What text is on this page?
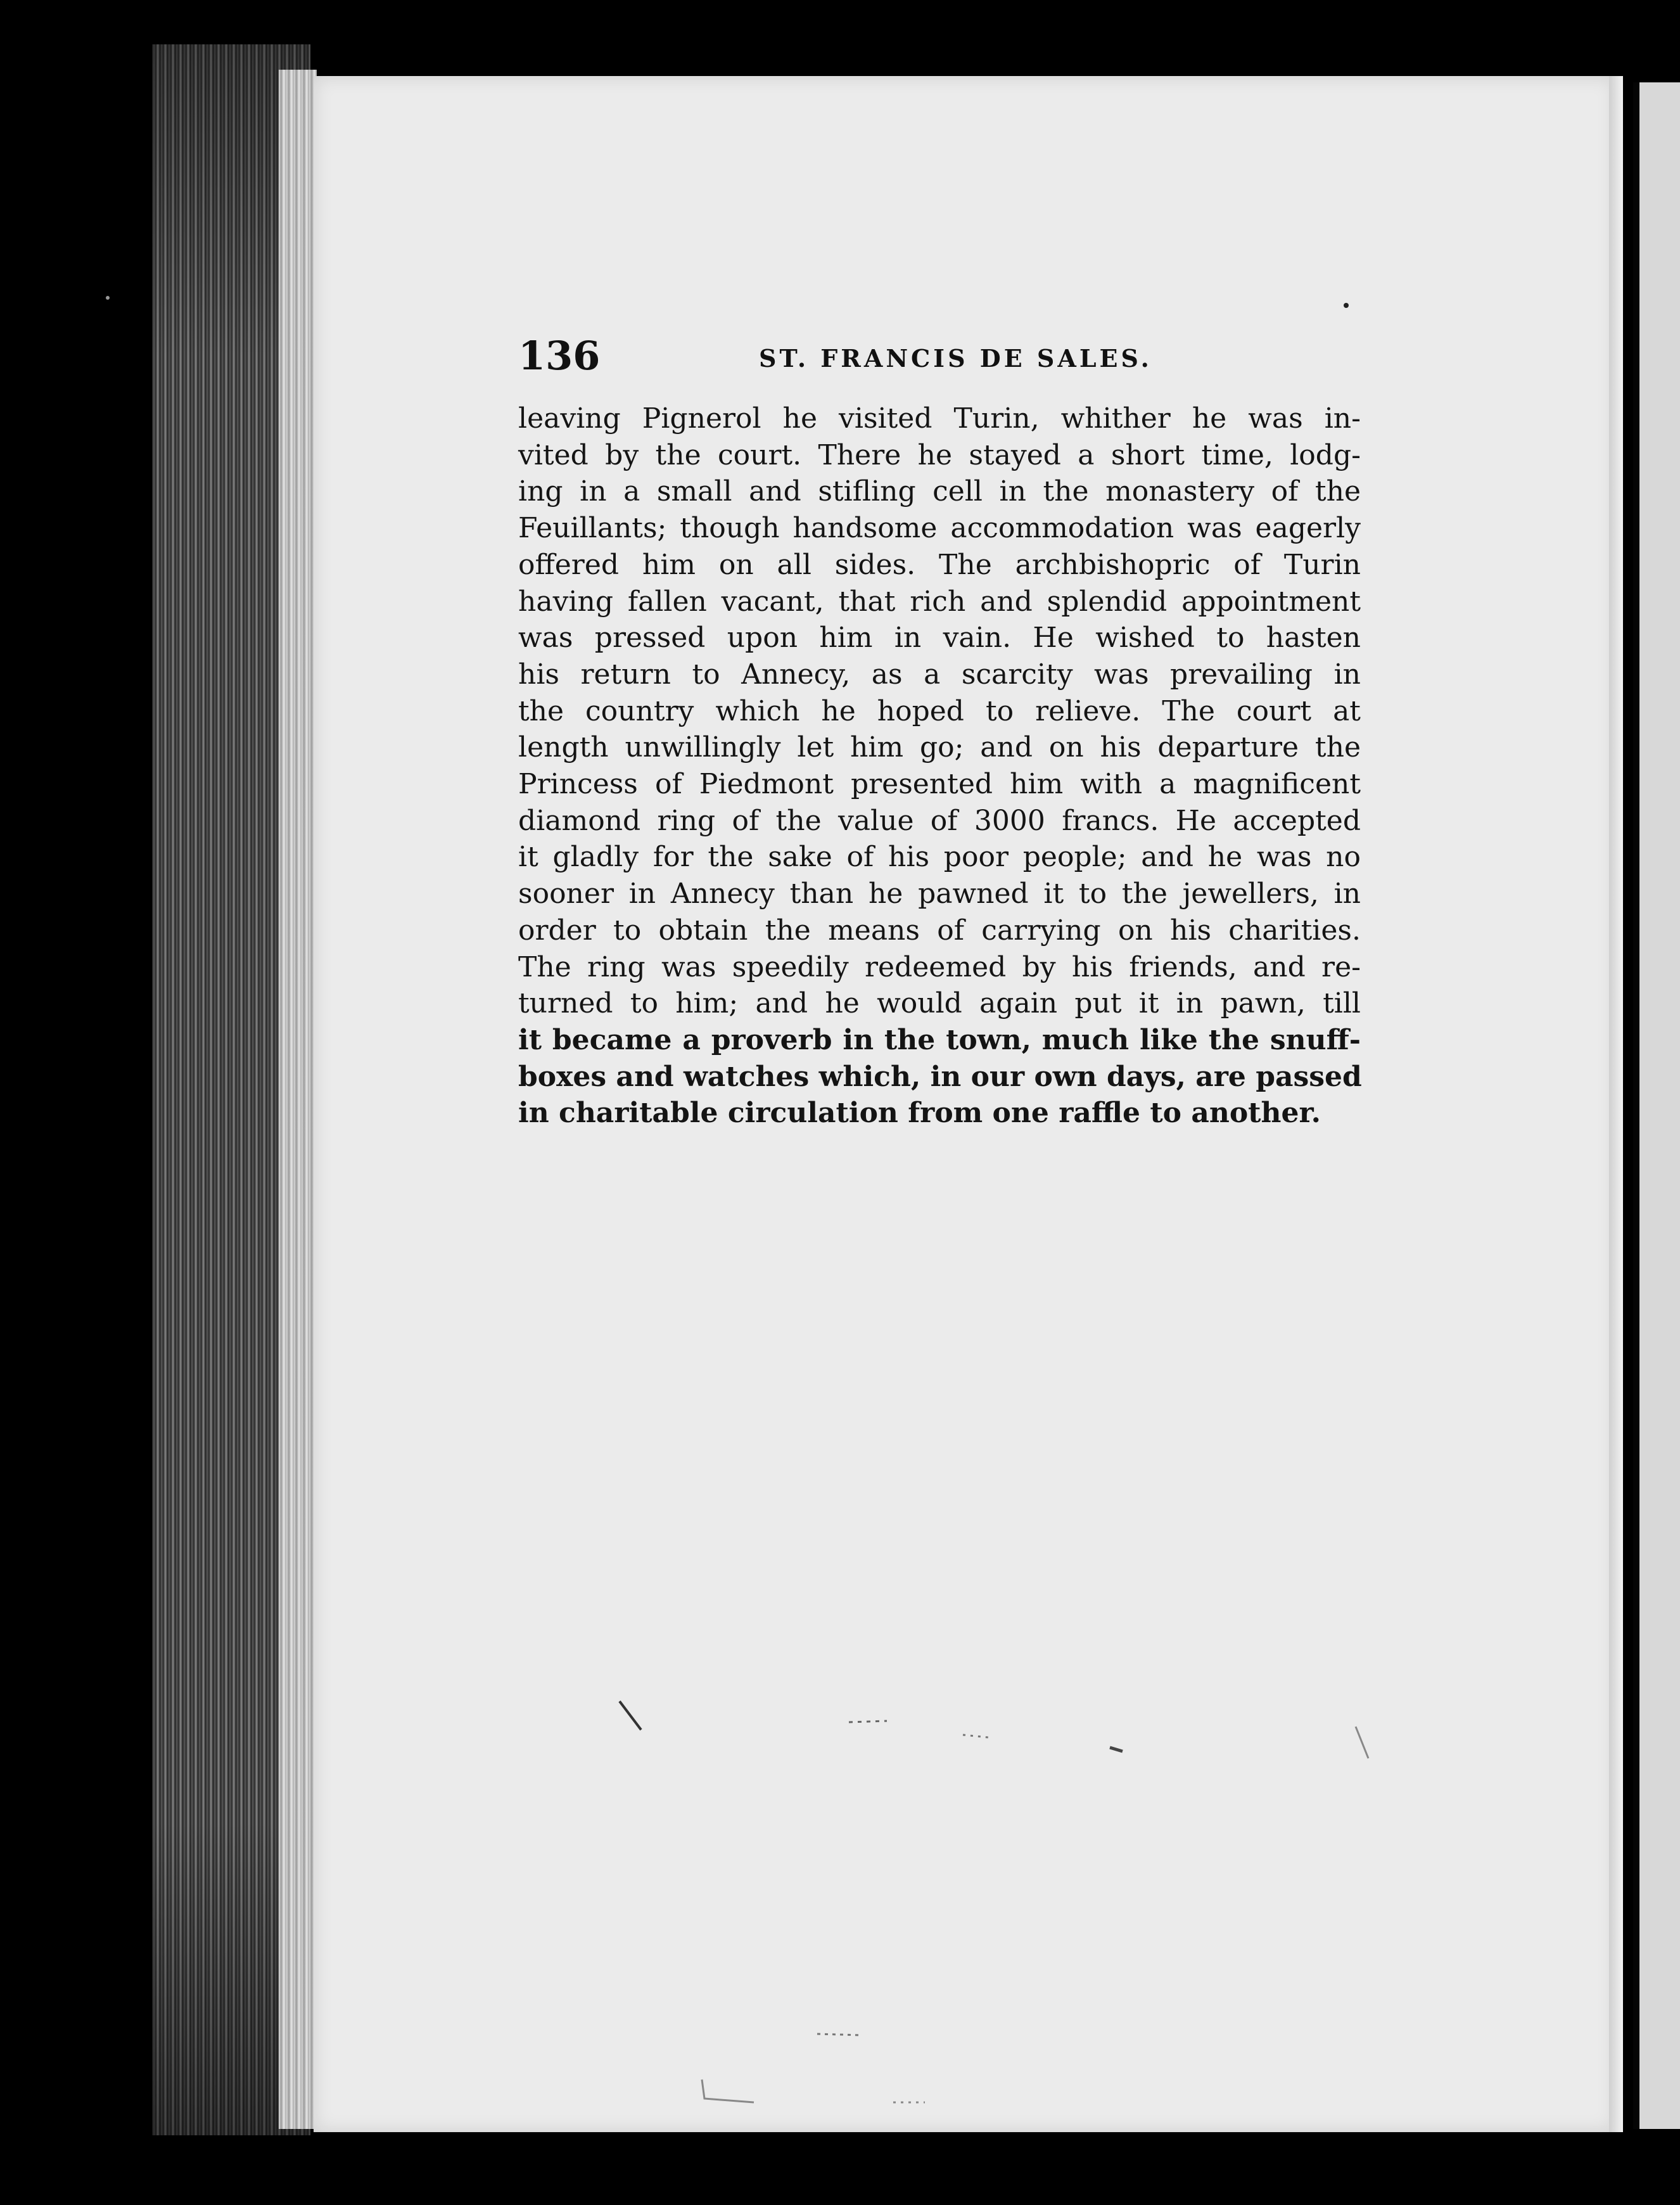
136	ST. FRANCIS DE SALES.

leaving Pignerol he visited Turin, whither he was in-
vited by the court. There he stayed a short time, lodg-
ing in a small and stifling cell in the monastery of the
Feuillants; though handsome accommodation was eagerly
offered him on all sides. The archbishopric of Turin
having fallen vacant, that rich and splendid appointment
was pressed upon him in vain. He wished to hasten
his return to Annecy, as a scarcity was prevailing in
the country which he hoped to relieve. The court at
length unwillingly let him go; and on his departure the
Princess of Piedmont presented him with a magnificent
diamond ring of the value of 3000 francs. He accepted
it gladly for the sake of his poor people; and he was no
sooner in Annecy than he pawned it to the jewellers, in
order to obtain the means of carrying on his charities.
The ring was speedily redeemed by his friends, and re-
turned to him; and he would again put it in pawn, till
it became a proverb in the town, much like the snuff-
boxes and watches which, in our own days, are passed
in charitable circulation from one raffle to another.
